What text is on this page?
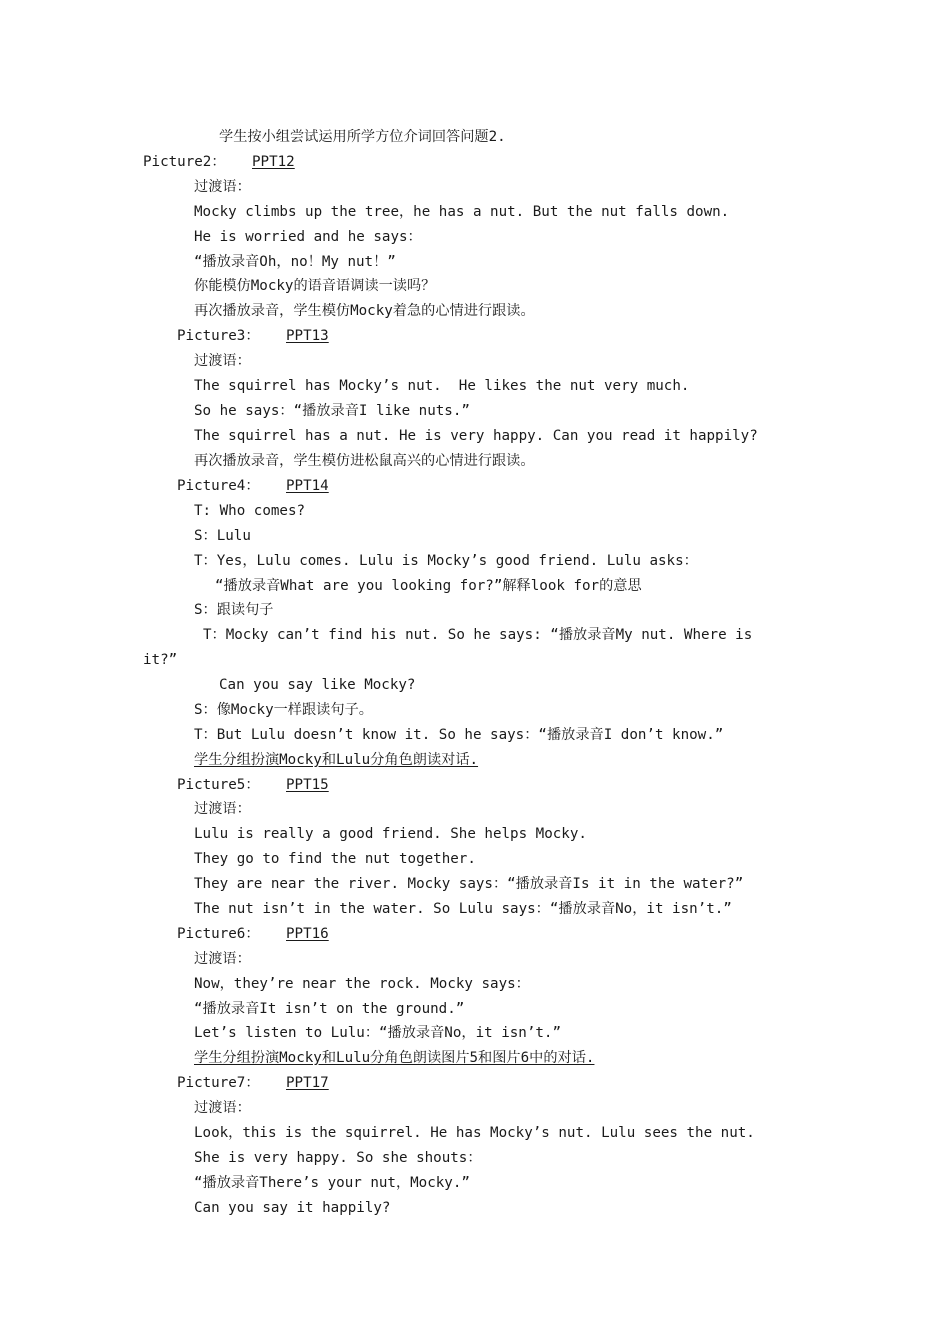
学生按小组尝试运用所学方位介词回答问题2.
Picture2： PPT12
过渡语：
Mocky climbs up the tree，he has a nut. But the nut falls down.
He is worried and he says：
“播放录音Oh，no！My nut！”
你能模仿Mocky的语音语调读一读吗？
再次播放录音，学生模仿Mocky着急的心情进行跟读。
Picture3： PPT13
过渡语：
The squirrel has Mocky’s nut.  He likes the nut very much.
So he says：“播放录音I like nuts.”
The squirrel has a nut. He is very happy. Can you read it happily?
再次播放录音，学生模仿进松鼠高兴的心情进行跟读。
Picture4： PPT14
T: Who comes?
S：Lulu
T：Yes，Lulu comes. Lulu is Mocky’s good friend. Lulu asks：
“播放录音What are you looking for?”解释look for的意思
S：跟读句子
T：Mocky can’t find his nut. So he says: “播放录音My nut. Where is
it?”
Can you say like Mocky?
S：像Mocky一样跟读句子。
T：But Lulu doesn’t know it. So he says：“播放录音I don’t know.”
学生分组扮演Mocky和Lulu分角色朗读对话.
Picture5： PPT15
过渡语：
Lulu is really a good friend. She helps Mocky.
They go to find the nut together.
They are near the river. Mocky says：“播放录音Is it in the water?”
The nut isn’t in the water. So Lulu says：“播放录音No，it isn’t.”
Picture6： PPT16
过渡语：
Now，they’re near the rock. Mocky says：
“播放录音It isn’t on the ground.”
Let’s listen to Lulu：“播放录音No，it isn’t.”
学生分组扮演Mocky和Lulu分角色朗读图片5和图片6中的对话.
Picture7： PPT17
过渡语：
Look，this is the squirrel. He has Mocky’s nut. Lulu sees the nut.
She is very happy. So she shouts：
“播放录音There’s your nut，Mocky.”
Can you say it happily?
